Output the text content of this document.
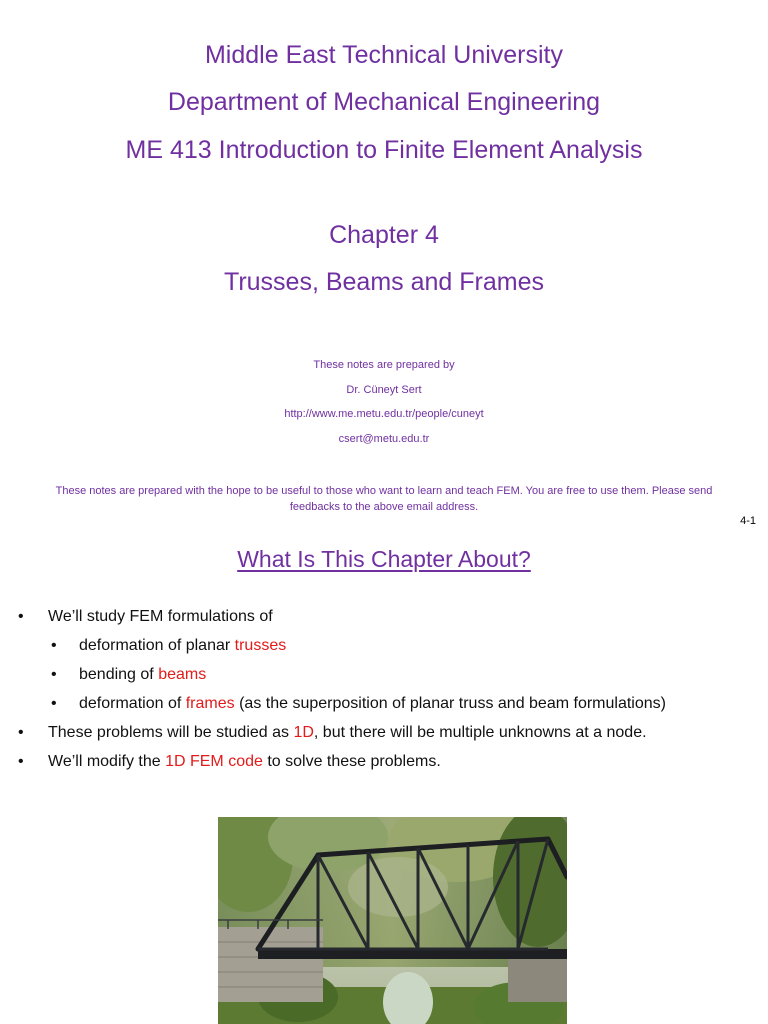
Middle East Technical University
Department of Mechanical Engineering
ME 413 Introduction to Finite Element Analysis
Chapter 4
Trusses, Beams and Frames
These notes are prepared by
Dr. Cüneyt Sert
http://www.me.metu.edu.tr/people/cuneyt
csert@metu.edu.tr
These notes are prepared with the hope to be useful to those who want to learn and teach FEM. You are free to use them. Please send feedbacks to the above email address.
4-1
What Is This Chapter About?
• We’ll study FEM formulations of
• deformation of planar trusses
• bending of beams
• deformation of frames (as the superposition of planar truss and beam formulations)
• These problems will be studied as 1D, but there will be multiple unknowns at a node.
• We’ll modify the 1D FEM code to solve these problems.
